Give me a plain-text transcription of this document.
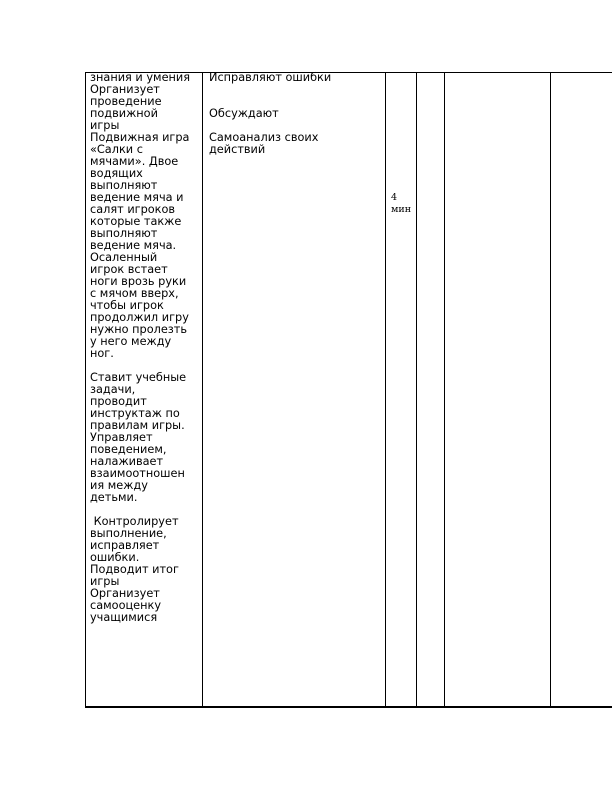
знания и умения
Организует
проведение
подвижной
игры
Подвижная игра
«Салки с
мячами». Двое
водящих
выполняют
ведение мяча и
салят игроков
которые также
выполняют
ведение мяча.
Осаленный
игрок встает
ноги врозь руки
с мячом вверх,
чтобы игрок
продолжил игру
нужно пролезть
у него между
ног.
Ставит учебные
задачи,
проводит
инструктаж по
правилам игры.
Управляет
поведением,
налаживает
взаимоотношен
ия между
детьми.
Контролирует
выполнение,
исправляет
ошибки.
Подводит итог
игры
Организует
самооценку
учащимися
Исправляют ошибки
Обсуждают
Самоанализ своих
действий
4
мин
